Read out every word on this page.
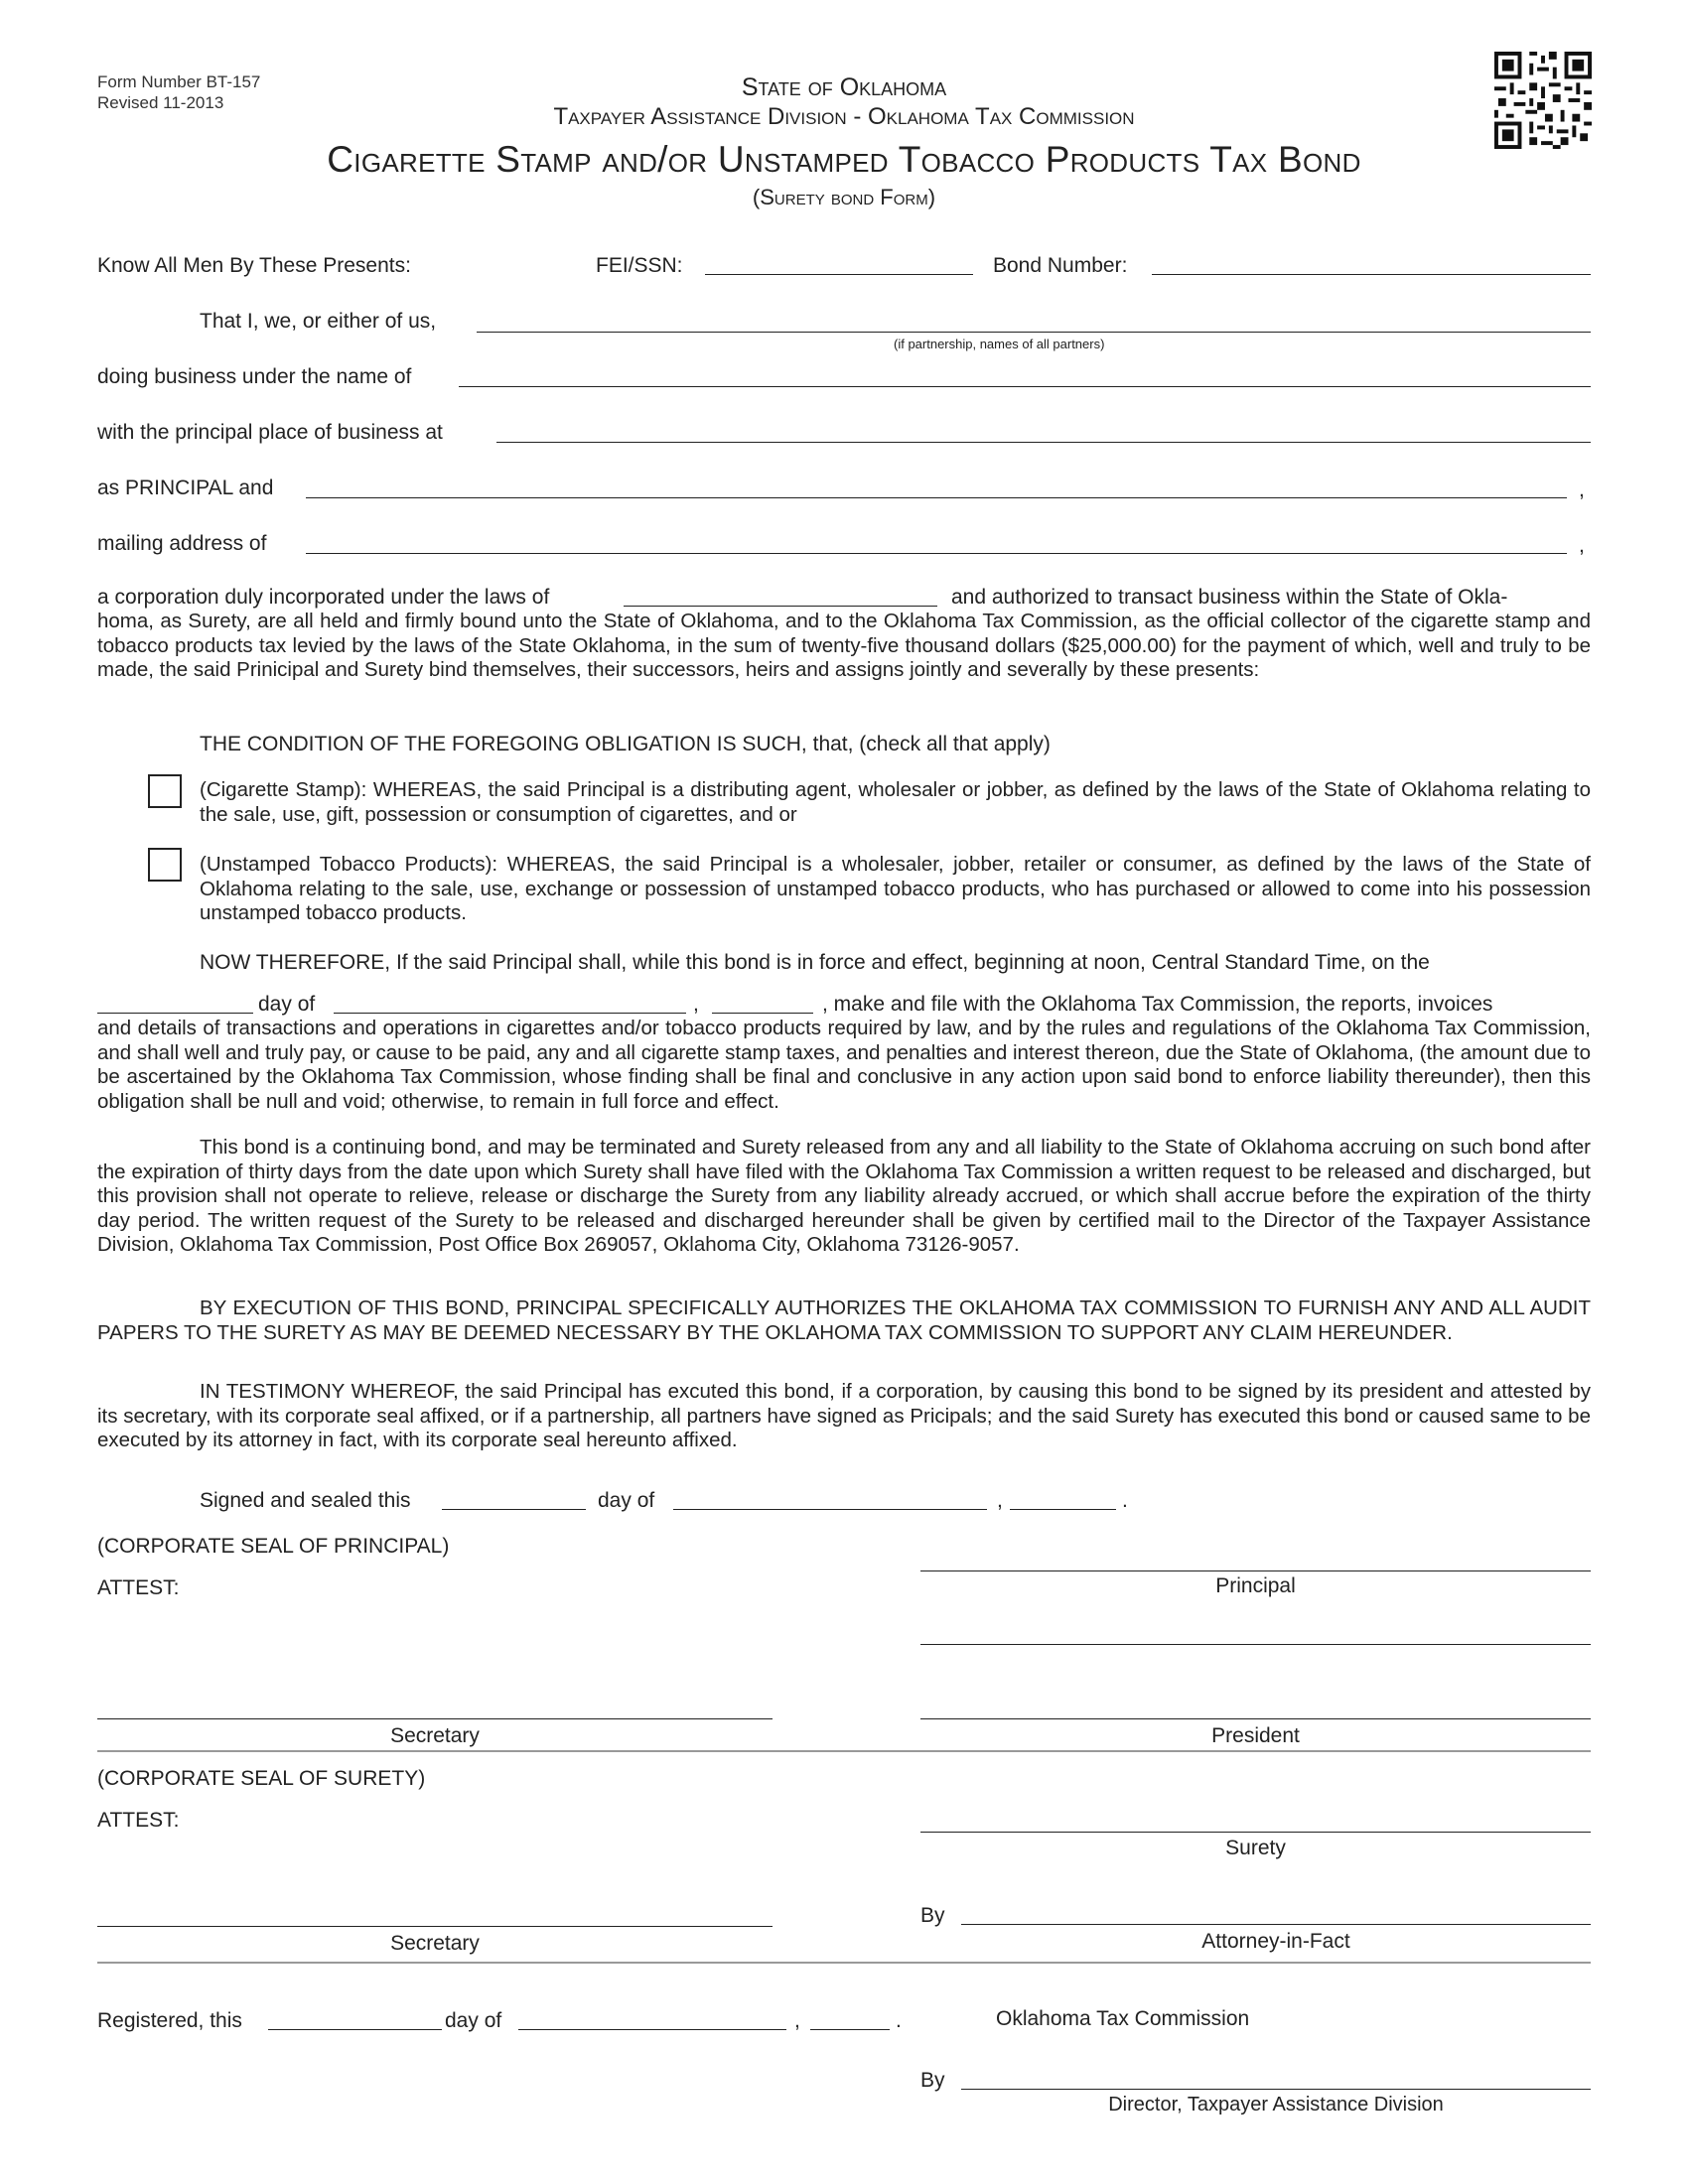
Form Number BT-157
Revised 11-2013
State of Oklahoma
Taxpayer Assistance Division - Oklahoma Tax Commission
Cigarette Stamp and/or Unstamped Tobacco Products Tax Bond
(Surety bond Form)
Know All Men By These Presents:	FEI/SSN:	Bond Number:
That I, we, or either of us,
(if partnership, names of all partners)
doing business under the name of
with the principal place of business at
as PRINCIPAL and	,
mailing address of	,
a corporation duly incorporated under the laws of	and authorized to transact business within the State of Okla-
homa, as Surety, are all held and firmly bound unto the State of Oklahoma, and to the Oklahoma Tax Commission, as the official collector of the cigarette stamp and tobacco products tax levied by the laws of the State Oklahoma, in the sum of twenty-five thousand dollars ($25,000.00) for the payment of which, well and truly to be made, the said Prinicipal and Surety bind themselves, their successors, heirs and assigns jointly and severally by these presents:
THE CONDITION OF THE FOREGOING OBLIGATION IS SUCH, that, (check all that apply)
(Cigarette Stamp): WHEREAS, the said Principal is a distributing agent, wholesaler or jobber, as defined by the laws of the State of Oklahoma relating to the sale, use, gift, possession or consumption of cigarettes, and or
(Unstamped Tobacco Products): WHEREAS, the said Principal is a wholesaler, jobber, retailer or consumer, as defined by the laws of the State of Oklahoma relating to the sale, use, exchange or possession of unstamped tobacco products, who has purchased or allowed to come into his possession unstamped tobacco products.
NOW THEREFORE, If the said Principal shall, while this bond is in force and effect, beginning at noon, Central Standard Time, on the
day of	,	, make and file with the Oklahoma Tax Commission, the reports, invoices
and details of transactions and operations in cigarettes and/or tobacco products required by law, and by the rules and regulations of the Oklahoma Tax Commission, and shall well and truly pay, or cause to be paid, any and all cigarette stamp taxes, and penalties and interest thereon, due the State of Oklahoma, (the amount due to be ascertained by the Oklahoma Tax Commission, whose finding shall be final and conclusive in any action upon said bond to enforce liability thereunder), then this obligation shall be null and void; otherwise, to remain in full force and effect.
This bond is a continuing bond, and may be terminated and Surety released from any and all liability to the State of Oklahoma accruing on such bond after the expiration of thirty days from the date upon which Surety shall have filed with the Oklahoma Tax Commission a written request to be released and discharged, but this provision shall not operate to relieve, release or discharge the Surety from any liability already accrued, or which shall accrue before the expiration of the thirty day period. The written request of the Surety to be released and discharged hereunder shall be given by certified mail to the Director of the Taxpayer Assistance Division, Oklahoma Tax Commission, Post Office Box 269057, Oklahoma City, Oklahoma 73126-9057.
BY EXECUTION OF THIS BOND, PRINCIPAL SPECIFICALLY AUTHORIZES THE OKLAHOMA TAX COMMISSION TO FURNISH ANY AND ALL AUDIT PAPERS TO THE SURETY AS MAY BE DEEMED NECESSARY BY THE OKLAHOMA TAX COMMISSION TO SUPPORT ANY CLAIM HEREUNDER.
IN TESTIMONY WHEREOF, the said Principal has excuted this bond, if a corporation, by causing this bond to be signed by its president and attested by its secretary, with its corporate seal affixed, or if a partnership, all partners have signed as Pricipals; and the said Surety has executed this bond or caused same to be executed by its attorney in fact, with its corporate seal hereunto affixed.
Signed and sealed this	day of	,	.
(CORPORATE SEAL OF PRINCIPAL)
ATTEST:	Principal
Secretary	President
(CORPORATE SEAL OF SURETY)
ATTEST:
Surety
Secretary
By
Attorney-in-Fact
Registered, this	day of	,	.	Oklahoma Tax Commission
By
Director, Taxpayer Assistance Division
